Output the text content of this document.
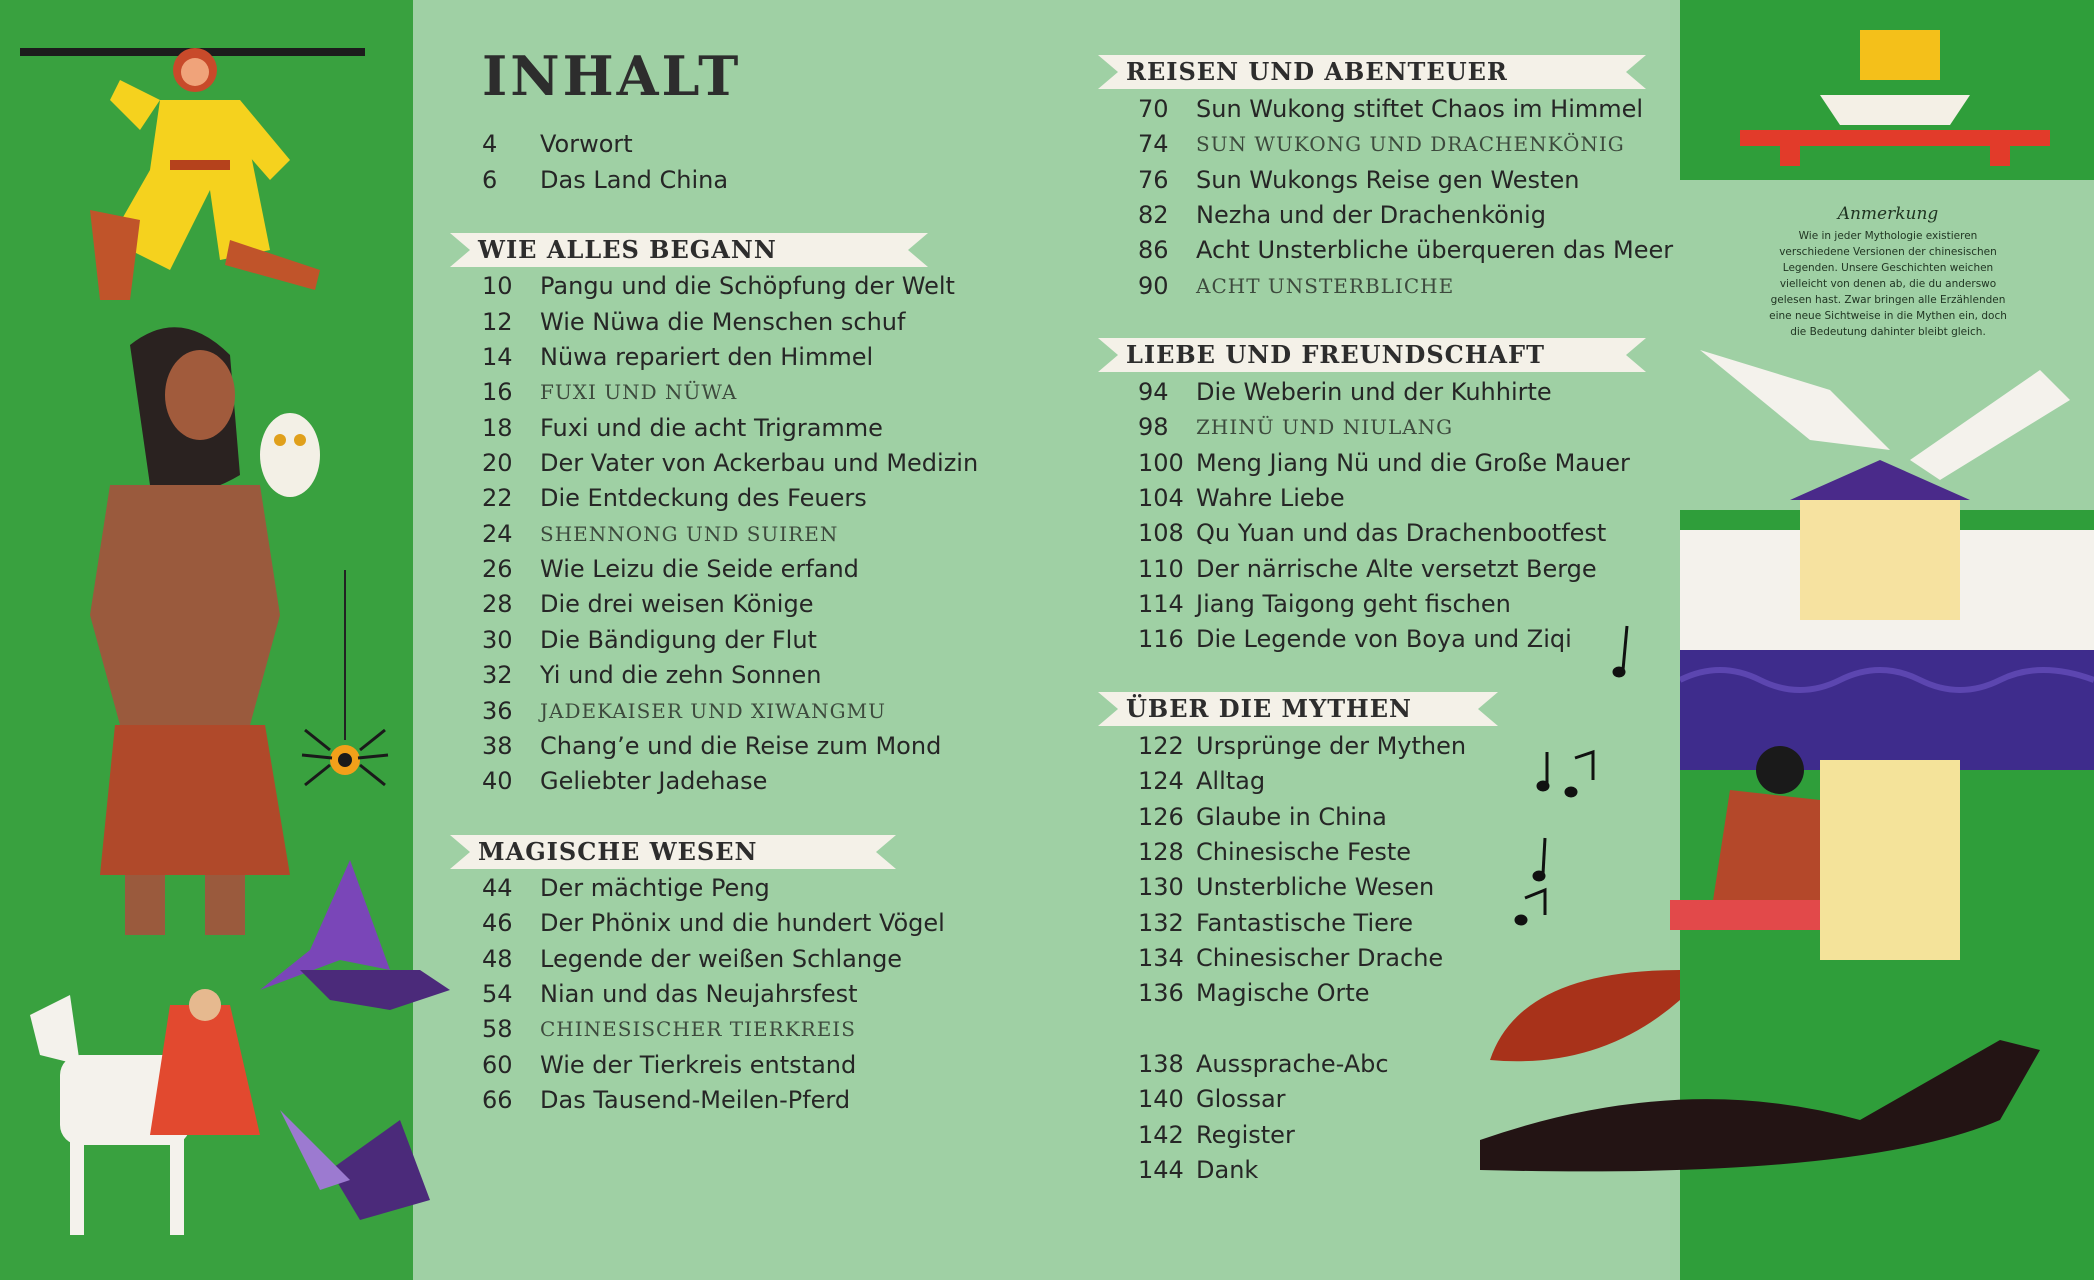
INHALT
4	Vorwort
6	Das Land China
WIE ALLES BEGANN
10	Pangu und die Schöpfung der Welt
12	Wie Nüwa die Menschen schuf
14	Nüwa repariert den Himmel
16	FUXI UND NÜWA
18	Fuxi und die acht Trigramme
20	Der Vater von Ackerbau und Medizin
22	Die Entdeckung des Feuers
24	SHENNONG UND SUIREN
26	Wie Leizu die Seide erfand
28	Die drei weisen Könige
30	Die Bändigung der Flut
32	Yi und die zehn Sonnen
36	JADEKAISER UND XIWANGMU
38	Chang’e und die Reise zum Mond
40	Geliebter Jadehase
MAGISCHE WESEN
44	Der mächtige Peng
46	Der Phönix und die hundert Vögel
48	Legende der weißen Schlange
54	Nian und das Neujahrsfest
58	CHINESISCHER TIERKREIS
60	Wie der Tierkreis entstand
66	Das Tausend-Meilen-Pferd
REISEN UND ABENTEUER
70	Sun Wukong stiftet Chaos im Himmel
74	SUN WUKONG UND DRACHENKÖNIG
76	Sun Wukongs Reise gen Westen
82	Nezha und der Drachenkönig
86	Acht Unsterbliche überqueren das Meer
90	ACHT UNSTERBLICHE
LIEBE UND FREUNDSCHAFT
94	Die Weberin und der Kuhhirte
98	ZHINÜ UND NIULANG
100 Meng Jiang Nü und die Große Mauer
104 Wahre Liebe
108 Qu Yuan und das Drachenbootfest
110 Der närrische Alte versetzt Berge
114 Jiang Taigong geht fischen
116 Die Legende von Boya und Ziqi
ÜBER DIE MYTHEN
122 Ursprünge der Mythen
124 Alltag
126 Glaube in China
128 Chinesische Feste
130 Unsterbliche Wesen
132 Fantastische Tiere
134 Chinesischer Drache
136 Magische Orte
138 Aussprache-Abc
140 Glossar
142 Register
144 Dank
Anmerkung

Wie in jeder Mythologie existieren verschiedene Versionen der chinesischen Legenden. Unsere Geschichten weichen vielleicht von denen ab, die du anderswo gelesen hast. Zwar bringen alle Erzählenden eine neue Sichtweise in die Mythen ein, doch die Bedeutung dahinter bleibt gleich.
